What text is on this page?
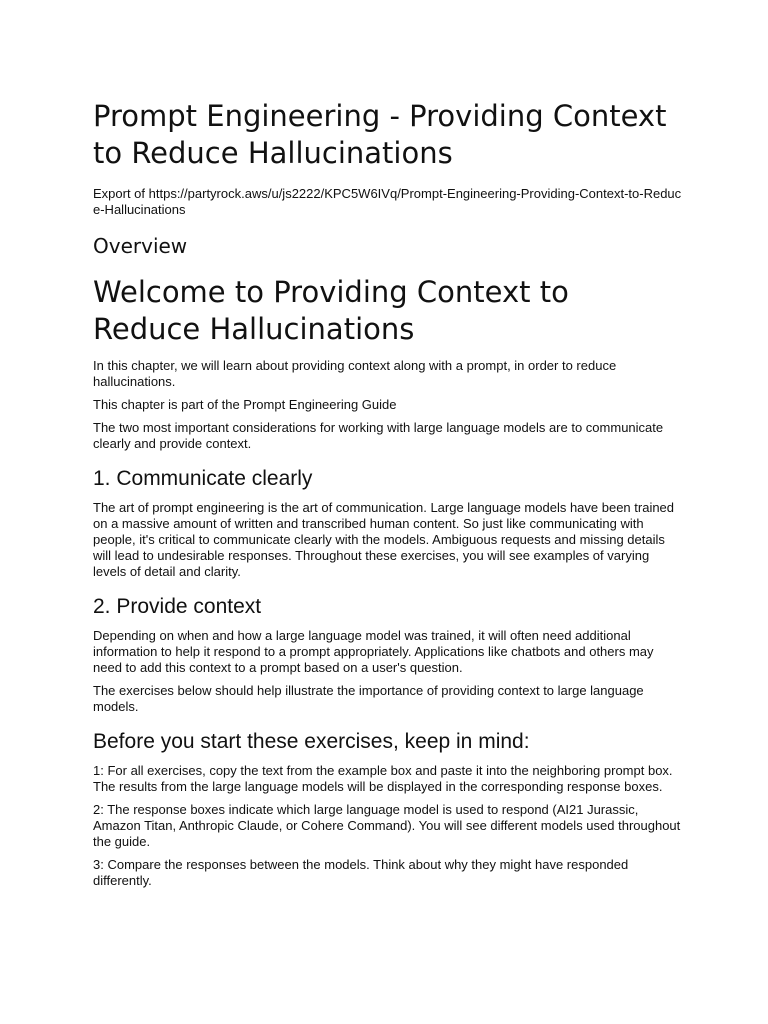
Prompt Engineering - Providing Context to Reduce Hallucinations
Export of https://partyrock.aws/u/js2222/KPC5W6IVq/Prompt-Engineering-Providing-Context-to-Reduce-Hallucinations
Overview
Welcome to Providing Context to Reduce Hallucinations

In this chapter, we will learn about providing context along with a prompt, in order to reduce hallucinations.

This chapter is part of the Prompt Engineering Guide

The two most important considerations for working with large language models are to communicate clearly and provide context.

1. Communicate clearly

The art of prompt engineering is the art of communication. Large language models have been trained on a massive amount of written and transcribed human content. So just like communicating with people, it's critical to communicate clearly with the models. Ambiguous requests and missing details will lead to undesirable responses. Throughout these exercises, you will see examples of varying levels of detail and clarity.

2. Provide context

Depending on when and how a large language model was trained, it will often need additional information to help it respond to a prompt appropriately. Applications like chatbots and others may need to add this context to a prompt based on a user's question.

The exercises below should help illustrate the importance of providing context to large language models.

Before you start these exercises, keep in mind:

1: For all exercises, copy the text from the example box and paste it into the neighboring prompt box. The results from the large language models will be displayed in the corresponding response boxes.

2: The response boxes indicate which large language model is used to respond (AI21 Jurassic, Amazon Titan, Anthropic Claude, or Cohere Command). You will see different models used throughout the guide.

3: Compare the responses between the models. Think about why they might have responded differently.
